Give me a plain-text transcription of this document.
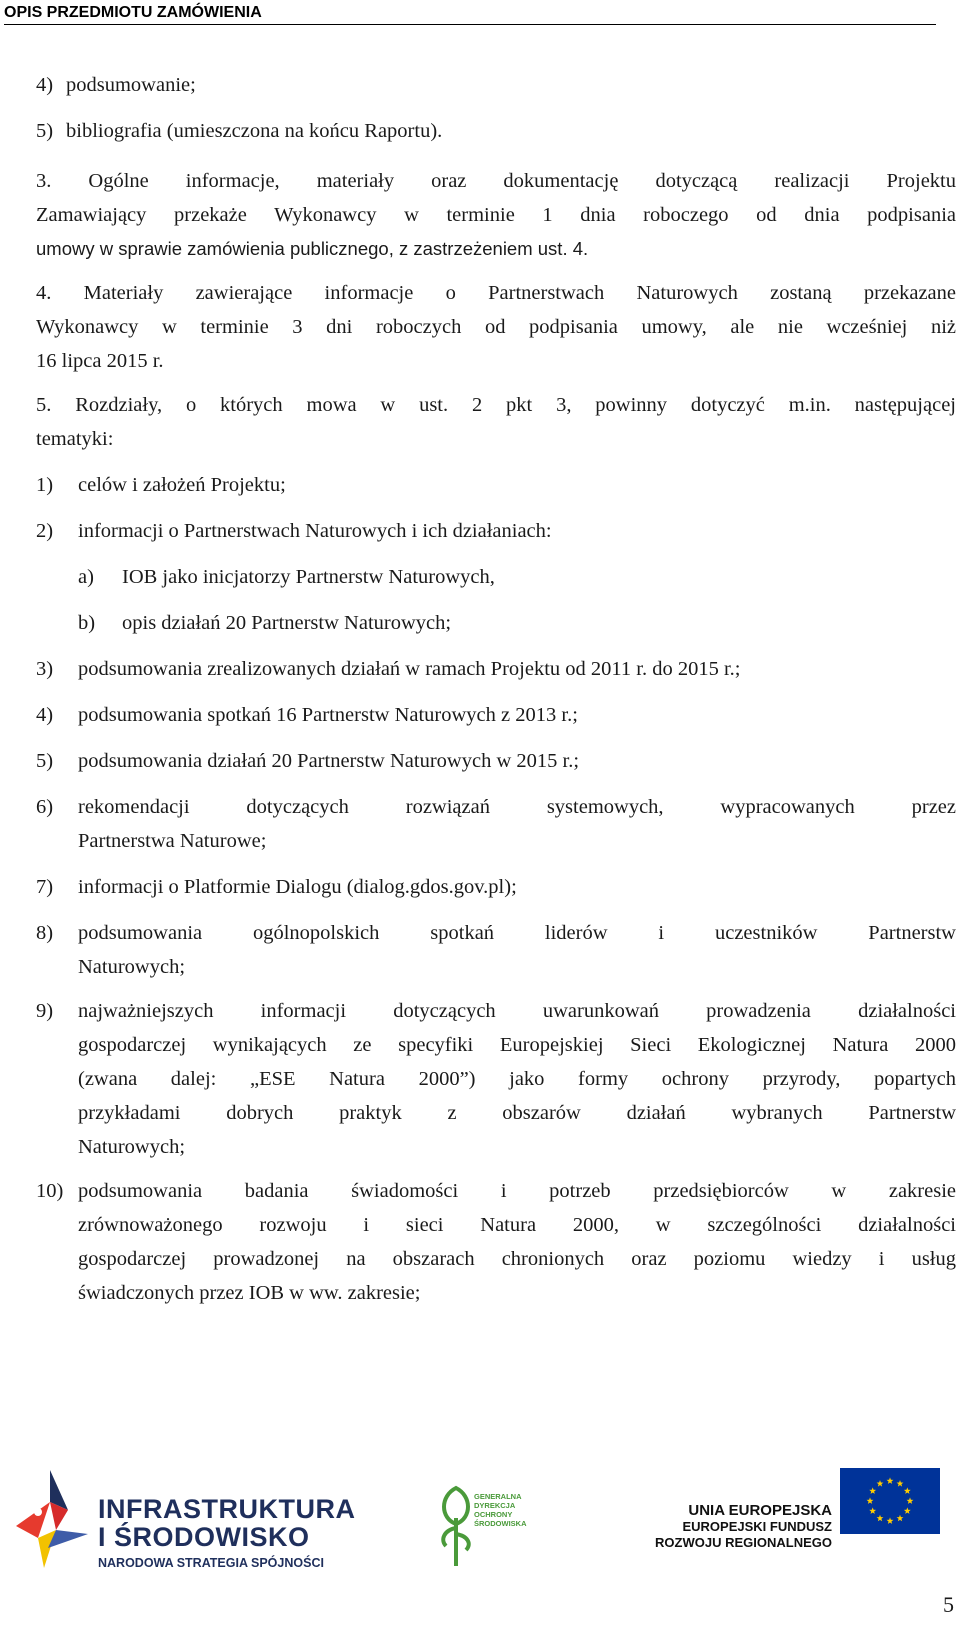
OPIS PRZEDMIOTU ZAMÓWIENIA
4) podsumowanie;
5) bibliografia (umieszczona na końcu Raportu).
3. Ogólne informacje, materiały oraz dokumentację dotyczącą realizacji Projektu
Zamawiający przekaże Wykonawcy w terminie 1 dnia roboczego od dnia podpisania
umowy w sprawie zamówienia publicznego, z zastrzeżeniem ust. 4.
4. Materiały zawierające informacje o Partnerstwach Naturowych zostaną przekazane
Wykonawcy w terminie 3 dni roboczych od podpisania umowy, ale nie wcześniej niż
16 lipca 2015 r.
5. Rozdziały, o których mowa w ust. 2 pkt 3, powinny dotyczyć m.in. następującej
tematyki:
1) celów i założeń Projektu;
2) informacji o Partnerstwach Naturowych i ich działaniach:
a) IOB jako inicjatorzy Partnerstw Naturowych,
b) opis działań 20 Partnerstw Naturowych;
3) podsumowania zrealizowanych działań w ramach Projektu od 2011 r. do 2015 r.;
4) podsumowania spotkań 16 Partnerstw Naturowych z 2013 r.;
5) podsumowania działań 20 Partnerstw Naturowych w 2015 r.;
6) rekomendacji dotyczących rozwiązań systemowych, wypracowanych przez
Partnerstwa Naturowe;
7) informacji o Platformie Dialogu (dialog.gdos.gov.pl);
8) podsumowania ogólnopolskich spotkań liderów i uczestników Partnerstw
Naturowych;
9) najważniejszych informacji dotyczących uwarunkowań prowadzenia działalności
gospodarczej wynikających ze specyfiki Europejskiej Sieci Ekologicznej Natura 2000
(zwana dalej: „ESE Natura 2000”) jako formy ochrony przyrody, popartych
przykładami dobrych praktyk z obszarów działań wybranych Partnerstw
Naturowych;
10) podsumowania badania świadomości i potrzeb przedsiębiorców w zakresie
zrównoważonego rozwoju i sieci Natura 2000, w szczególności działalności
gospodarczej prowadzonej na obszarach chronionych oraz poziomu wiedzy i usług
świadczonych przez IOB w ww. zakresie;
INFRASTRUKTURA
I ŚRODOWISKO
NARODOWA STRATEGIA SPÓJNOŚCI
GENERALNA
DYREKCJA
OCHRONY
ŚRODOWISKA
UNIA EUROPEJSKA
EUROPEJSKI FUNDUSZ
ROZWOJU REGIONALNEGO
5
